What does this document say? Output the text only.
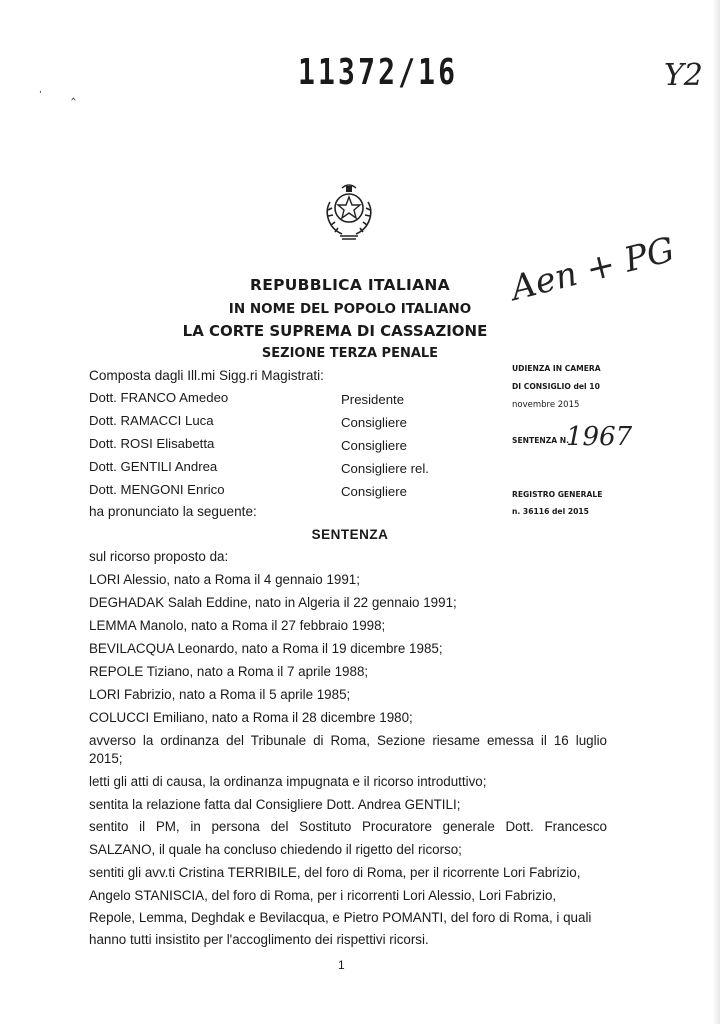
11372/16
ˈ ‸	Y2
REPUBBLICA ITALIANA
IN NOME DEL POPOLO ITALIANO
LA CORTE SUPREMA DI CASSAZIONE
SEZIONE TERZA PENALE
Aen + PG
UDIENZA IN CAMERA
DI CONSIGLIO del 10
novembre 2015
SENTENZA N.
1967
REGISTRO GENERALE
n. 36116 del 2015
Composta dagli Ill.mi Sigg.ri Magistrati:
Dott. FRANCO Amedeo	Presidente
Dott. RAMACCI Luca	Consigliere
Dott. ROSI Elisabetta	Consigliere
Dott. GENTILI Andrea	Consigliere rel.
Dott. MENGONI Enrico	Consigliere
ha pronunciato la seguente:
SENTENZA
sul ricorso proposto da:
LORI Alessio, nato a Roma il 4 gennaio 1991;
DEGHADAK Salah Eddine, nato in Algeria il 22 gennaio 1991;
LEMMA Manolo, nato a Roma il 27 febbraio 1998;
BEVILACQUA Leonardo, nato a Roma il 19 dicembre 1985;
REPOLE Tiziano, nato a Roma il 7 aprile 1988;
LORI Fabrizio, nato a Roma il 5 aprile 1985;
COLUCCI Emiliano, nato a Roma il 28 dicembre 1980;
avverso la ordinanza del Tribunale di Roma, Sezione riesame emessa il 16 luglio
2015;
letti gli atti di causa, la ordinanza impugnata e il ricorso introduttivo;
sentita la relazione fatta dal Consigliere Dott. Andrea GENTILI;
sentito il PM, in persona del Sostituto Procuratore generale Dott. Francesco
SALZANO, il quale ha concluso chiedendo il rigetto del ricorso;
sentiti gli avv.ti Cristina TERRIBILE, del foro di Roma, per il ricorrente Lori Fabrizio,
Angelo STANISCIA, del foro di Roma, per i ricorrenti Lori Alessio, Lori Fabrizio,
Repole, Lemma, Deghdak e Bevilacqua, e Pietro POMANTI, del foro di Roma, i quali
hanno tutti insistito per l'accoglimento dei rispettivi ricorsi.
1
